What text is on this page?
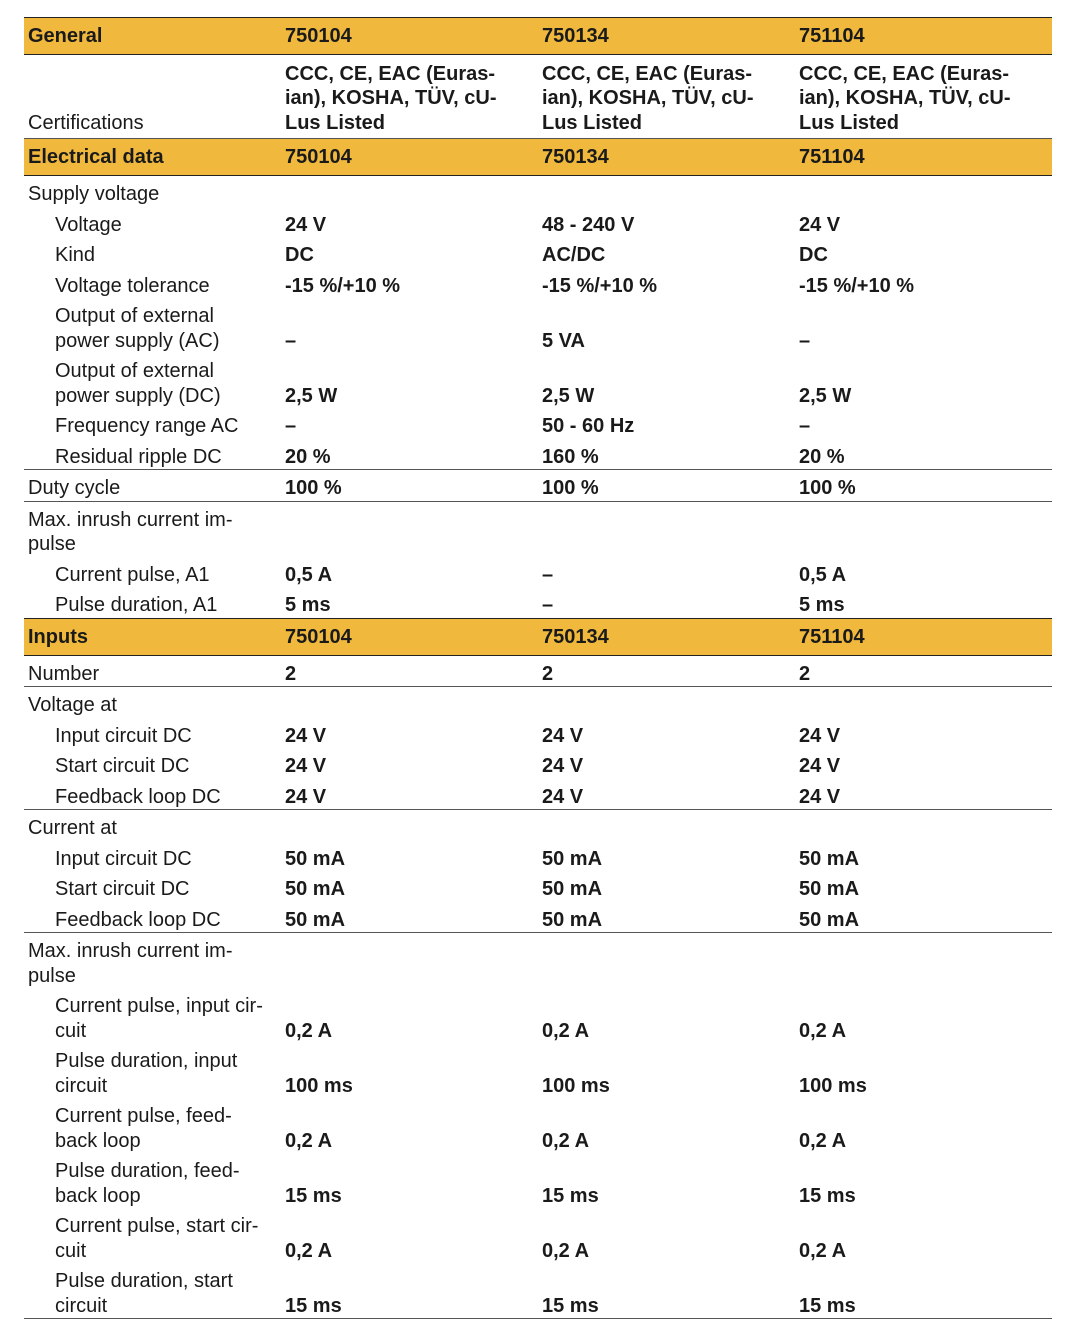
General	750104	750134	751104
Certifications	CCC, CE, EAC (Euras-
ian), KOSHA, TÜV, cU-
Lus Listed	CCC, CE, EAC (Euras-
ian), KOSHA, TÜV, cU-
Lus Listed	CCC, CE, EAC (Euras-
ian), KOSHA, TÜV, cU-
Lus Listed
Electrical data	750104	750134	751104
Supply voltage			
Voltage	24 V	48 - 240 V	24 V
Kind	DC	AC/DC	DC
Voltage tolerance	-15 %/+10 %	-15 %/+10 %	-15 %/+10 %
Output of external
power supply (AC)	–	5 VA	–
Output of external
power supply (DC)	2,5 W	2,5 W	2,5 W
Frequency range AC	–	50 - 60 Hz	–
Residual ripple DC	20 %	160 %	20 %
Duty cycle	100 %	100 %	100 %
Max. inrush current im-
pulse			
Current pulse, A1	0,5 A	–	0,5 A
Pulse duration, A1	5 ms	–	5 ms
Inputs	750104	750134	751104
Number	2	2	2
Voltage at			
Input circuit DC	24 V	24 V	24 V
Start circuit DC	24 V	24 V	24 V
Feedback loop DC	24 V	24 V	24 V
Current at			
Input circuit DC	50 mA	50 mA	50 mA
Start circuit DC	50 mA	50 mA	50 mA
Feedback loop DC	50 mA	50 mA	50 mA
Max. inrush current im-
pulse			
Current pulse, input cir-
cuit	0,2 A	0,2 A	0,2 A
Pulse duration, input
circuit	100 ms	100 ms	100 ms
Current pulse, feed-
back loop	0,2 A	0,2 A	0,2 A
Pulse duration, feed-
back loop	15 ms	15 ms	15 ms
Current pulse, start cir-
cuit	0,2 A	0,2 A	0,2 A
Pulse duration, start
circuit	15 ms	15 ms	15 ms
